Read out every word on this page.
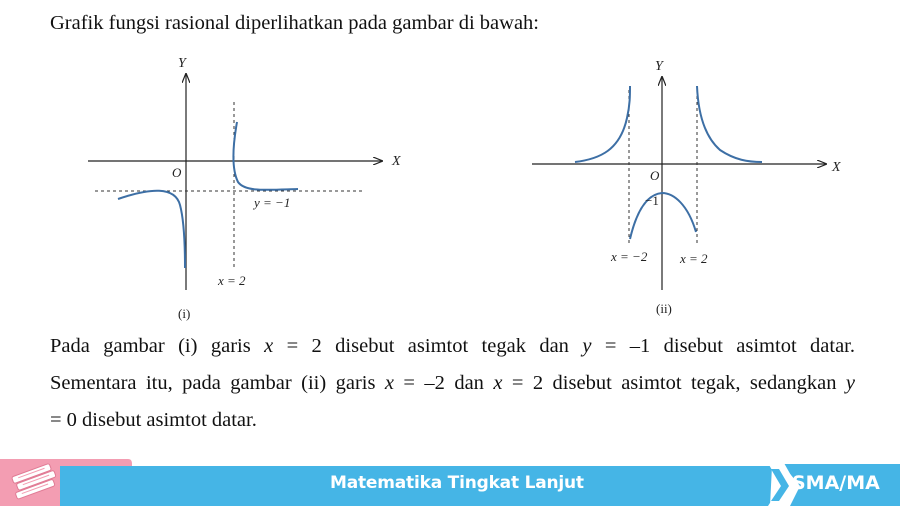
Grafik fungsi rasional diperlihatkan pada gambar di bawah:
Y
X
O
y = −1
x = 2
(i)
Y
X
O
−1
x = −2	x = 2
(ii)
Pada gambar (i) garis x = 2 disebut asimtot tegak dan y = –1 disebut asimtot datar.
Sementara itu, pada gambar (ii) garis x = –2 dan x = 2 disebut asimtot tegak, sedangkan y
= 0 disebut asimtot datar.
Matematika Tingkat Lanjut	SMA/MA
